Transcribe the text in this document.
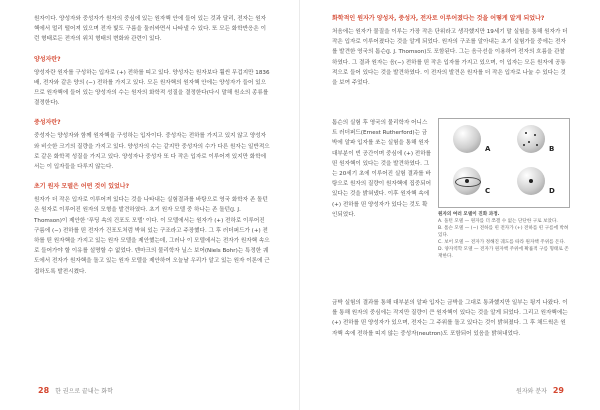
원자이다. 양성자와 중성자가 원자의 중심에 있는 원자핵 안에 들어 있는 것과 달리, 전자는 원자핵에서 멀리 떨어져 있으며 전자 빛도 구름을 둘러싸면서 나타낼 수 있다. 또 모든 화학반응은 이런 형태로든 전자의 위치 형태의 변화와 관련이 있다.

양성자란?

양성자란 원자를 구성하는 입자로 (+) 전하를 띠고 있다. 양성자는 원자보다 훨씬 무겁지만 1836배, 전자와 같은 양의 (−) 전하를 가지고 있다. 모든 원자핵의 원자핵 안에는 양성자가 들어 있으므로 원자핵에 들어 있는 양성자의 수는 원자의 화학적 성질을 결정한다(다시 말해 원소의 종류를 결정한다).

중성자란?

중성자는 양성자와 함께 원자핵을 구성하는 입자이다. 중성자는 전하를 가지고 있지 않고 양성자와 비슷한 크기의 질량을 가지고 있다. 양성자의 수는 같지만 중성자의 수가 다른 원자는 일반적으로 같은 화학적 성질을 가지고 있다. 양성자나 중성자 또 다 작은 입자로 이루어져 있지만 화학에서는 이 입자들을 다루지 않는다.

초기 원자 모델은 어떤 것이 있었나?

원자가 더 작은 입자로 이루어져 있다는 것을 나타내는 실험결과를 바탕으로 영국 화학자 존 돌턴은 원자로 이루어진 원자의 모형을 발견하였다. 초기 원자 모델 중 하나는 존 돌턴(J. J. Thomson)이 제안한 '푸딩 속의 건포도 모델' 이다. 이 모델에서는 원자가 (+) 전하로 이루어진 구름에 (−) 전하를 띤 전자가 건포도처럼 박혀 있는 구조라고 주장했다. 그 후 러더퍼드가 (+) 전하를 띤 원자핵을 가지고 있는 원자 모델을 제안했는데, 그러나 이 모델에서는 전자가 원자핵 속으로 들어가야 할 이유를 설명할 수 없었다. 덴마크의 물리학자 닐스 보어(Niels Bohr)는 특정한 궤도에서 전자가 원자핵을 돌고 있는 원자 모델을 제안하여 오늘날 우리가 알고 있는 원자 이론에 근접하도록 발전시켰다.

28 한 권으로 끝내는 화학
화학적인 원자가 양성자, 중성자, 전자로 이루어졌다는 것을 어떻게 알게 되었나?

처음에는 원자가 물질을 이루는 가장 작은 단위라고 생각했지만 19세기 말 실험을 통해 원자가 더 작은 입자로 이루어졌다는 것을 알게 되었다. 원자의 구조를 알아내는 초기 실험가들 중에는 전자를 발견한 영국의 톰슨(J. J. Thomson)도 포함된다. 그는 음극선을 이용하여 전자의 흐름을 관찰하였다. 그 결과 원자는 음(−) 전하를 띤 작은 입자를 가지고 있으며, 이 입자는 모든 원자에 공통적으로 들어 있다는 것을 발견하였다. 이 전자의 발견은 원자를 더 작은 입자로 나눌 수 있다는 것을 보여 주었다.

톰슨의 실험 후 영국의 물리학자 어니스트 러더퍼드(Ernest Rutherford)는 금박에 알파 입자를 쏘는 실험을 통해 원자 대부분이 빈 공간이며 중심에 (+) 전하를 띤 원자핵이 있다는 것을 발견하였다. 그는 20세기 초에 이루어진 실험 결과를 바탕으로 원자의 질량이 원자핵에 집중되어 있다는 것을 밝혀냈다. 이후 원자핵 속에 (+) 전하를 띤 양성자가 있다는 것도 확인되었다.

A	B
C	D
원자의 여러 모델이 진화 과정.
A. 돌턴 모델 — 원자를 더 쪼갤 수 없는 단단한 구로 보았다.
B. 톰슨 모델 — (−) 전하를 띤 전자가 (+) 전하를 띤 구름에 박혀 있다.
C. 보어 모델 — 전자가 정해진 궤도를 따라 원자핵 주위를 돈다.
D. 양자역학 모델 — 전자가 원자핵 주위에 확률적 구름 형태로 존재한다.

금박 실험의 결과를 통해 대부분의 알파 입자는 금박을 그대로 통과했지만 일부는 튕겨 나왔다. 이를 통해 원자의 중심에는 작지만 질량이 큰 원자핵이 있다는 것을 알게 되었다. 그리고 원자핵에는 (+) 전하를 띤 양성자가 있으며, 전자는 그 주위를 돌고 있다는 것이 밝혀졌다. 그 후 채드윅은 원자핵 속에 전하를 띠지 않는 중성자(neutron)도 포함되어 있음을 밝혀내었다.

원자와 분자 29
